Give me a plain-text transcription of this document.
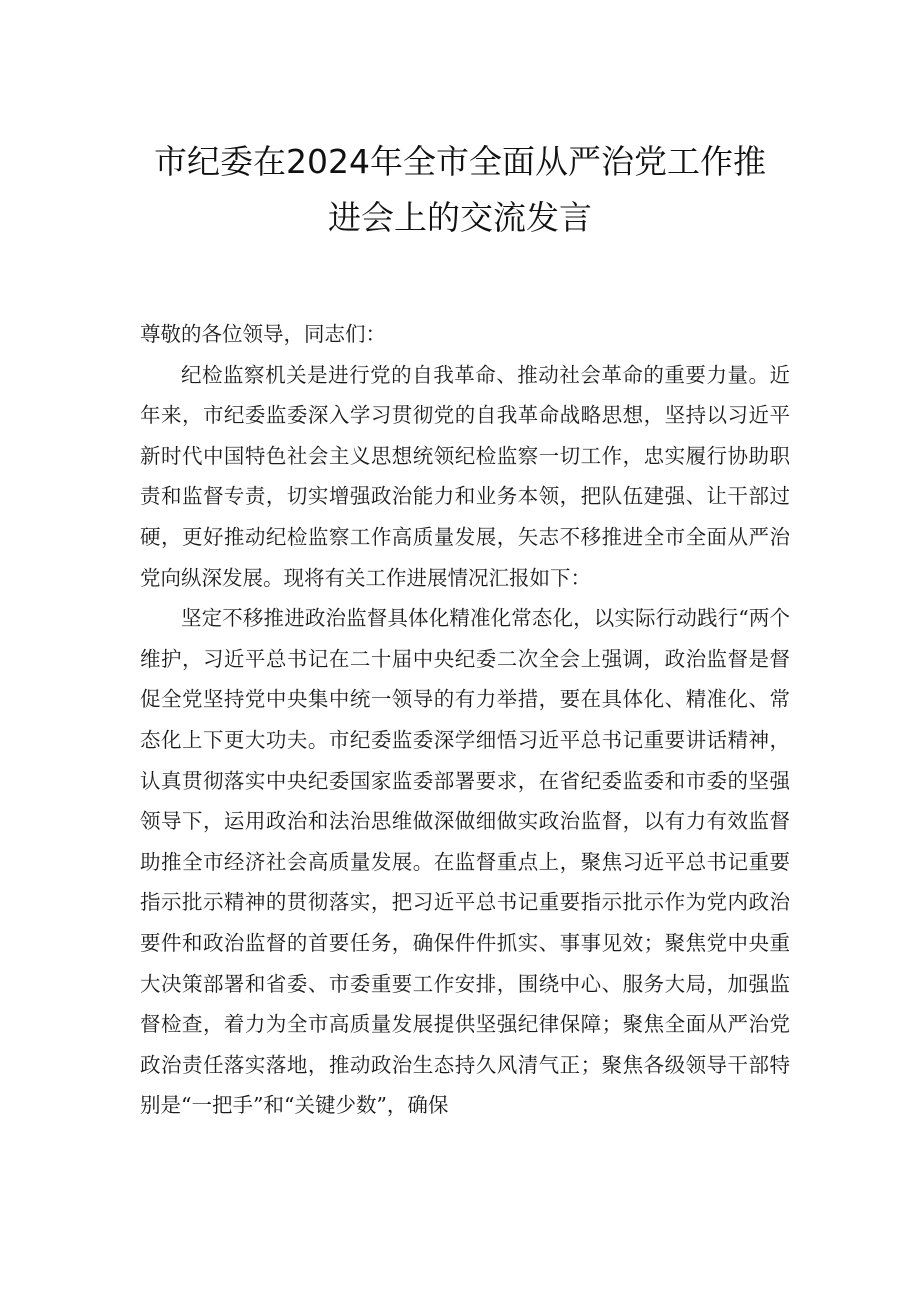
市纪委在2024年全市全面从严治党工作推
进会上的交流发言

尊敬的各位领导，同志们：

纪检监察机关是进行党的自我革命、推动社会革命的重要力量。近年来，市纪委监委深入学习贯彻党的自我革命战略思想，坚持以习近平新时代中国特色社会主义思想统领纪检监察一切工作，忠实履行协助职责和监督专责，切实增强政治能力和业务本领，把队伍建强、让干部过硬，更好推动纪检监察工作高质量发展，矢志不移推进全市全面从严治党向纵深发展。现将有关工作进展情况汇报如下：

坚定不移推进政治监督具体化精准化常态化，以实际行动践行“两个维护，习近平总书记在二十届中央纪委二次全会上强调，政治监督是督促全党坚持党中央集中统一领导的有力举措，要在具体化、精准化、常态化上下更大功夫。市纪委监委深学细悟习近平总书记重要讲话精神，认真贯彻落实中央纪委国家监委部署要求，在省纪委监委和市委的坚强领导下，运用政治和法治思维做深做细做实政治监督，以有力有效监督助推全市经济社会高质量发展。在监督重点上，聚焦习近平总书记重要指示批示精神的贯彻落实，把习近平总书记重要指示批示作为党内政治要件和政治监督的首要任务，确保件件抓实、事事见效；聚焦党中央重大决策部署和省委、市委重要工作安排，围绕中心、服务大局，加强监督检查，着力为全市高质量发展提供坚强纪律保障；聚焦全面从严治党政治责任落实落地，推动政治生态持久风清气正；聚焦各级领导干部特别是“一把手”和“关键少数”，确保
